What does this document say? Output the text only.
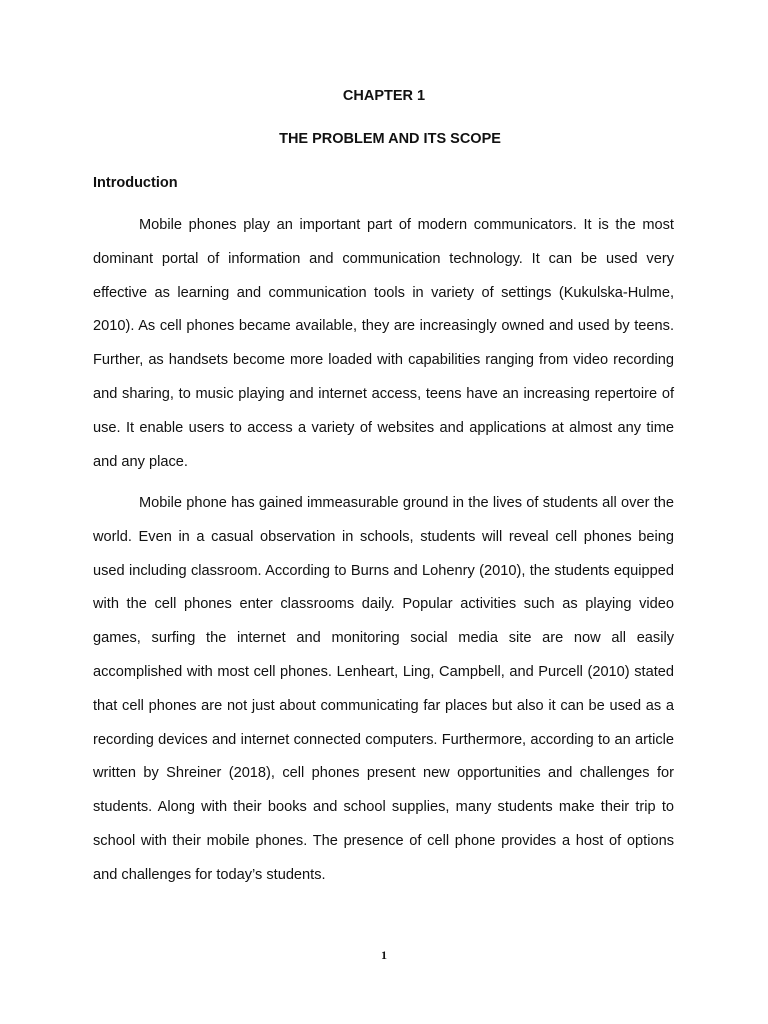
CHAPTER 1
THE PROBLEM AND ITS SCOPE
Introduction

Mobile phones play an important part of modern communicators. It is the most dominant portal of information and communication technology. It can be used very effective as learning and communication tools in variety of settings (Kukulska-Hulme, 2010). As cell phones became available, they are increasingly owned and used by teens. Further, as handsets become more loaded with capabilities ranging from video recording and sharing, to music playing and internet access, teens have an increasing repertoire of use. It enable users to access a variety of websites and applications at almost any time and any place.

Mobile phone has gained immeasurable ground in the lives of students all over the world. Even in a casual observation in schools, students will reveal cell phones being used including classroom. According to Burns and Lohenry (2010), the students equipped with the cell phones enter classrooms daily. Popular activities such as playing video games, surfing the internet and monitoring social media site are now all easily accomplished with most cell phones. Lenheart, Ling, Campbell, and Purcell (2010) stated that cell phones are not just about communicating far places but also it can be used as a recording devices and internet connected computers. Furthermore, according to an article written by Shreiner (2018), cell phones present new opportunities and challenges for students. Along with their books and school supplies, many students make their trip to school with their mobile phones. The presence of cell phone provides a host of options and challenges for today’s students.

1
